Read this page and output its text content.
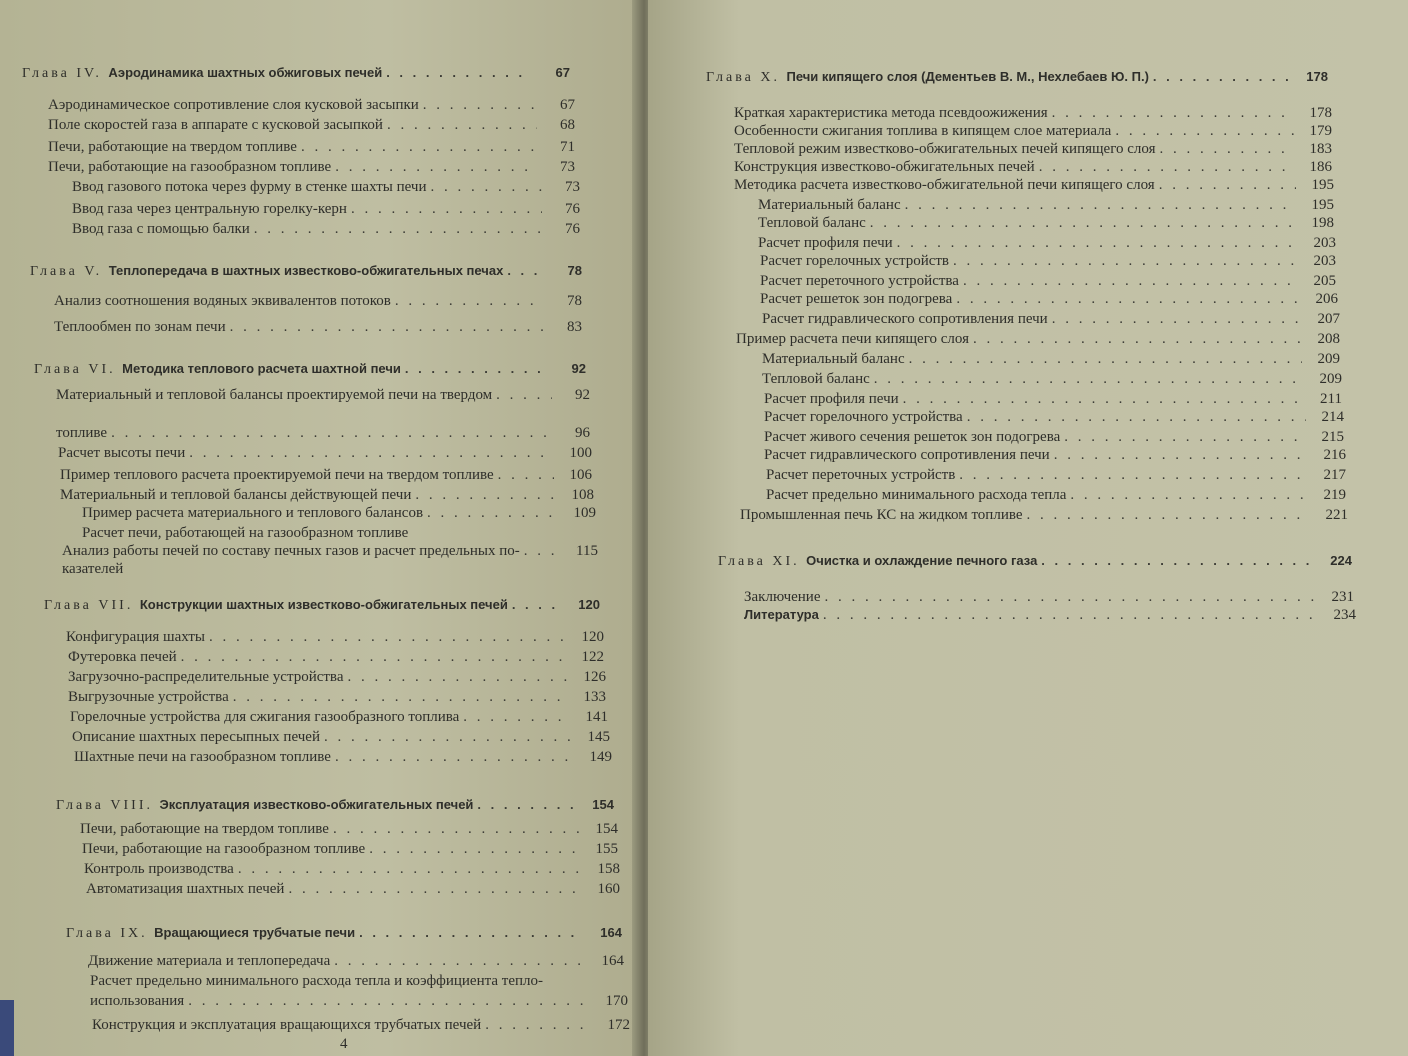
Глава IV. Аэродинамика шахтных обжиговых печей . . .	67
Аэродинамическое сопротивление слоя кусковой засыпки . . .	67
Поле скоростей газа в аппарате с кусковой засыпкой . . .	68
Печи, работающие на твердом топливе . . .	71
Печи, работающие на газообразном топливе . . .	73
Ввод газового потока через фурму в стенке шахты печи . . .	73
Ввод газа через центральную горелку-керн . . .	76
Ввод газа с помощью балки . . .	76
Глава V. Теплопередача в шахтных известково-обжигательных печах . . .	78
Анализ соотношения водяных эквивалентов потоков . . .	78
Теплообмен по зонам печи . . .	83
Глава VI. Методика теплового расчета шахтной печи . . .	92
Материальный и тепловой балансы проектируемой печи на твердом . . .	92
топливе . . .	96
Расчет высоты печи . . .	100
Пример теплового расчета проектируемой печи на твердом топливе . . .	106
Материальный и тепловой балансы действующей печи . . .	108
Пример расчета материального и теплового балансов . . .	109
Расчет печи, работающей на газообразном топливе
Анализ работы печей по составу печных газов и расчет предельных по- . . .	115
казателей
Глава VII. Конструкции шахтных известково-обжигательных печей . . .	120
Конфигурация шахты . . .	120
Футеровка печей . . .	122
Загрузочно-распределительные устройства . . .	126
Выгрузочные устройства . . .	133
Горелочные устройства для сжигания газообразного топлива . . .	141
Описание шахтных пересыпных печей . . .	145
Шахтные печи на газообразном топливе . . .	149
Глава VIII. Эксплуатация известково-обжигательных печей . . .	154
Печи, работающие на твердом топливе . . .	154
Печи, работающие на газообразном топливе . . .	155
Контроль производства . . .	158
Автоматизация шахтных печей . . .	160
Глава IX. Вращающиеся трубчатые печи . . .	164
Движение материала и теплопередача . . .	164
Расчет предельно минимального расхода тепла и коэффициента тепло-
использования . . .	170
Конструкция и эксплуатация вращающихся трубчатых печей . . .	172
4
Глава X. Печи кипящего слоя (Дементьев В. М., Нехлебаев Ю. П.) . . .	178
Краткая характеристика метода псевдоожижения . . .	178
Особенности сжигания топлива в кипящем слое материала . . .	179
Тепловой режим известково-обжигательных печей кипящего слоя . . .	183
Конструкция известково-обжигательных печей . . .	186
Методика расчета известково-обжигательной печи кипящего слоя . . .	195
Материальный баланс . . .	195
Тепловой баланс . . .	198
Расчет профиля печи . . .	203
Расчет горелочных устройств . . .	203
Расчет переточного устройства . . .	205
Расчет решеток зон подогрева . . .	206
Расчет гидравлического сопротивления печи . . .	207
Пример расчета печи кипящего слоя . . .	208
Материальный баланс . . .	209
Тепловой баланс . . .	209
Расчет профиля печи . . .	211
Расчет горелочного устройства . . .	214
Расчет живого сечения решеток зон подогрева . . .	215
Расчет гидравлического сопротивления печи . . .	216
Расчет переточных устройств . . .	217
Расчет предельно минимального расхода тепла . . .	219
Промышленная печь КС на жидком топливе . . .	221
Глава XI. Очистка и охлаждение печного газа . . .	224
Заключение . . .	231
Литература . . .	234
